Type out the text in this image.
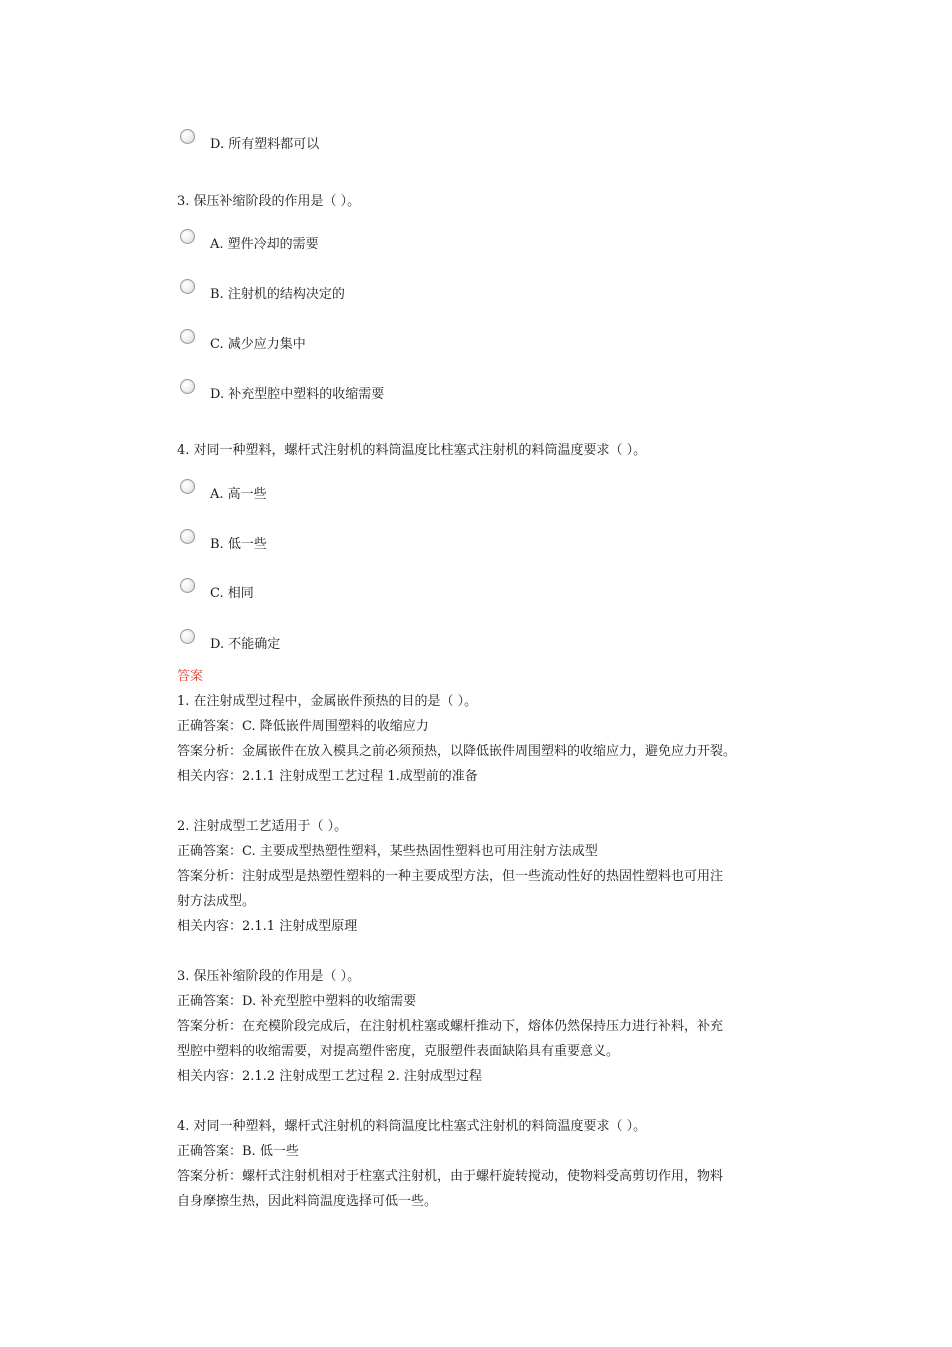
D. 所有塑料都可以
3. 保压补缩阶段的作用是（ ）。
A. 塑件冷却的需要
B. 注射机的结构决定的
C. 减少应力集中
D. 补充型腔中塑料的收缩需要
4. 对同一种塑料，螺杆式注射机的料筒温度比柱塞式注射机的料筒温度要求（ ）。
A. 高一些
B. 低一些
C. 相同
D. 不能确定
答案
1. 在注射成型过程中，金属嵌件预热的目的是（ ）。
正确答案：C. 降低嵌件周围塑料的收缩应力
答案分析：金属嵌件在放入模具之前必须预热，以降低嵌件周围塑料的收缩应力，避免应力开裂。
相关内容：2.1.1 注射成型工艺过程 1.成型前的准备
2. 注射成型工艺适用于（ ）。
正确答案：C. 主要成型热塑性塑料，某些热固性塑料也可用注射方法成型
答案分析：注射成型是热塑性塑料的一种主要成型方法，但一些流动性好的热固性塑料也可用注
射方法成型。
相关内容：2.1.1 注射成型原理
3. 保压补缩阶段的作用是（ ）。
正确答案：D. 补充型腔中塑料的收缩需要
答案分析：在充模阶段完成后，在注射机柱塞或螺杆推动下，熔体仍然保持压力进行补料，补充
型腔中塑料的收缩需要，对提高塑件密度，克服塑件表面缺陷具有重要意义。
相关内容：2.1.2 注射成型工艺过程 2. 注射成型过程
4. 对同一种塑料，螺杆式注射机的料筒温度比柱塞式注射机的料筒温度要求（ ）。
正确答案：B. 低一些
答案分析：螺杆式注射机相对于柱塞式注射机，由于螺杆旋转搅动，使物料受高剪切作用，物料
自身摩擦生热，因此料筒温度选择可低一些。
